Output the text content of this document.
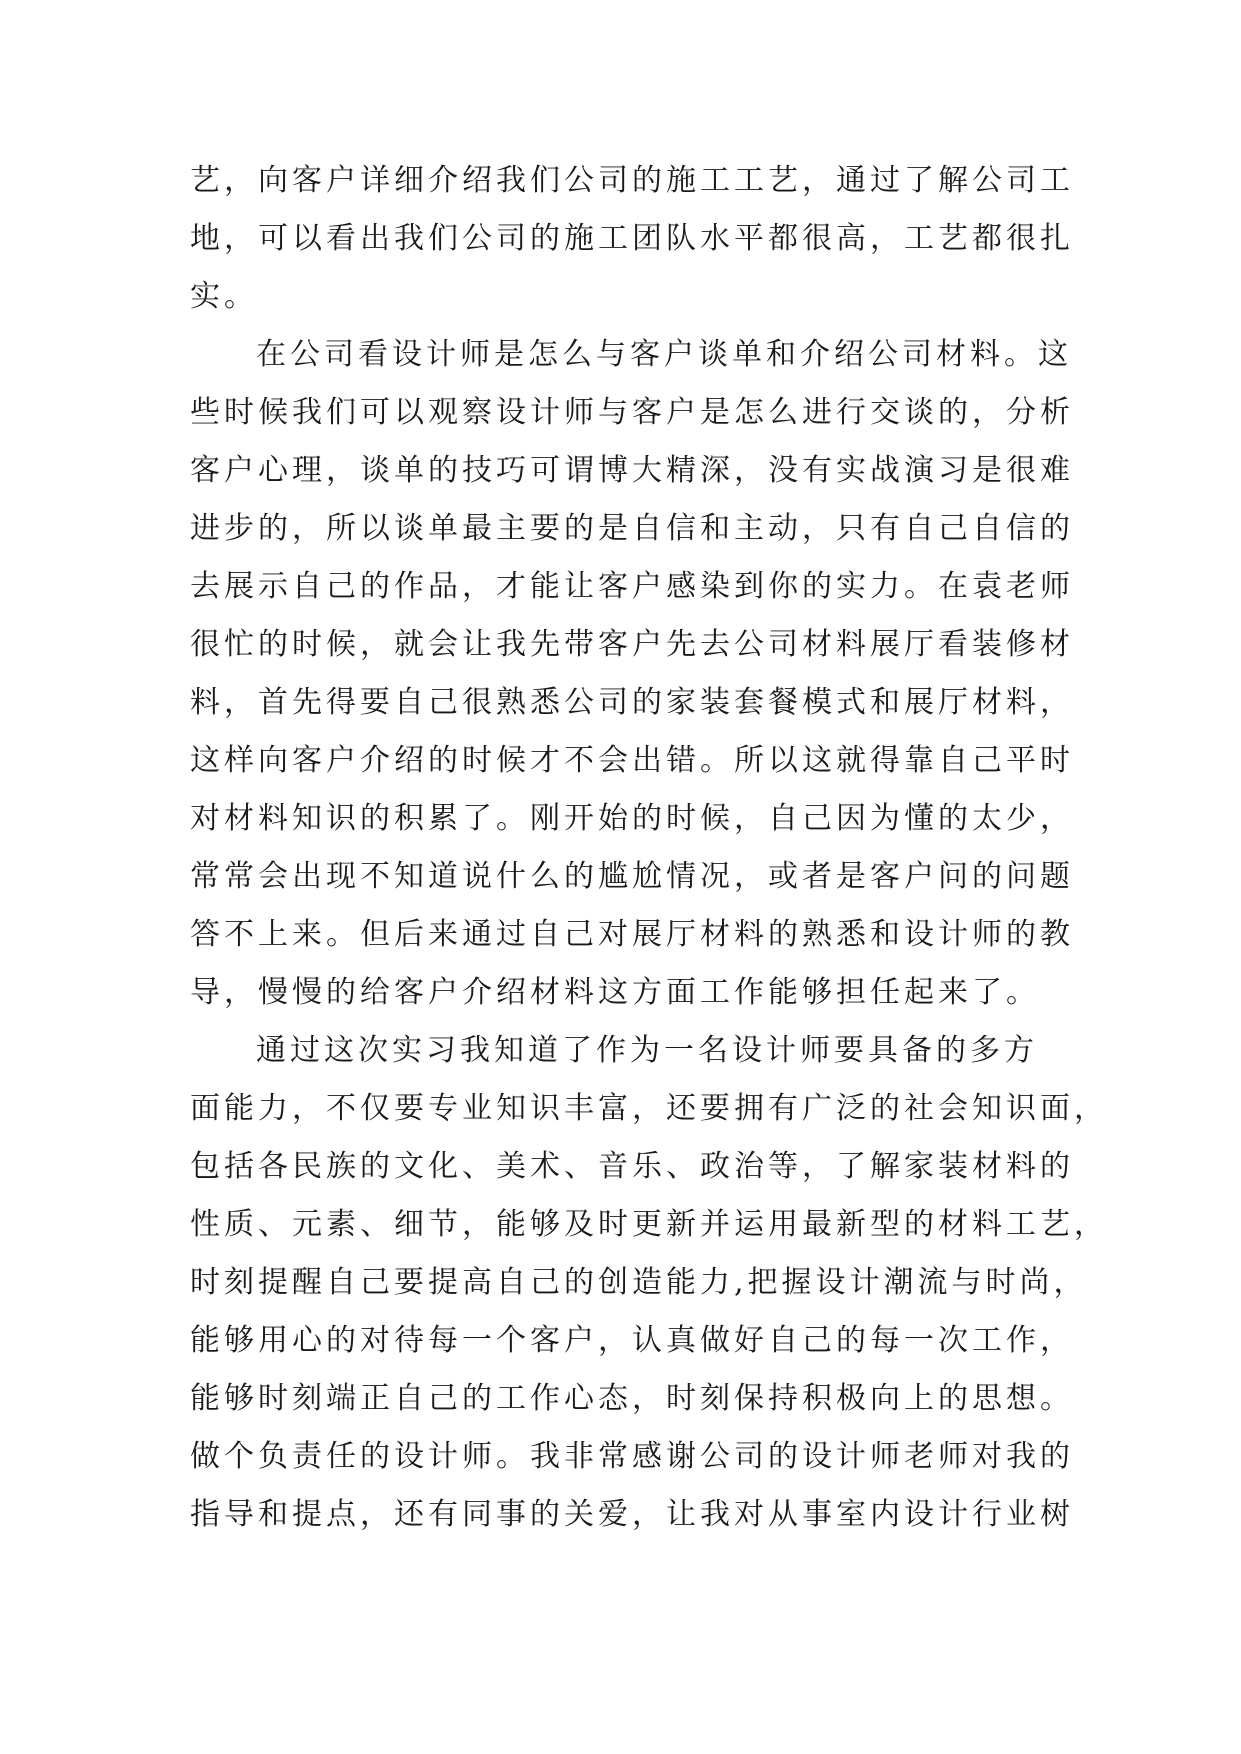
艺，向客户详细介绍我们公司的施工工艺，通过了解公司工
地，可以看出我们公司的施工团队水平都很高，工艺都很扎
实。
在公司看设计师是怎么与客户谈单和介绍公司材料。这
些时候我们可以观察设计师与客户是怎么进行交谈的，分析
客户心理，谈单的技巧可谓博大精深，没有实战演习是很难
进步的，所以谈单最主要的是自信和主动，只有自己自信的
去展示自己的作品，才能让客户感染到你的实力。在袁老师
很忙的时候，就会让我先带客户先去公司材料展厅看装修材
料，首先得要自己很熟悉公司的家装套餐模式和展厅材料，
这样向客户介绍的时候才不会出错。所以这就得靠自己平时
对材料知识的积累了。刚开始的时候，自己因为懂的太少，
常常会出现不知道说什么的尴尬情况，或者是客户问的问题
答不上来。但后来通过自己对展厅材料的熟悉和设计师的教
导，慢慢的给客户介绍材料这方面工作能够担任起来了。
通过这次实习我知道了作为一名设计师要具备的多方
面能力，不仅要专业知识丰富，还要拥有广泛的社会知识面，
包括各民族的文化、美术、音乐、政治等，了解家装材料的
性质、元素、细节，能够及时更新并运用最新型的材料工艺，
时刻提醒自己要提高自己的创造能力,把握设计潮流与时尚，
能够用心的对待每一个客户，认真做好自己的每一次工作，
能够时刻端正自己的工作心态，时刻保持积极向上的思想。
做个负责任的设计师。我非常感谢公司的设计师老师对我的
指导和提点，还有同事的关爱，让我对从事室内设计行业树
